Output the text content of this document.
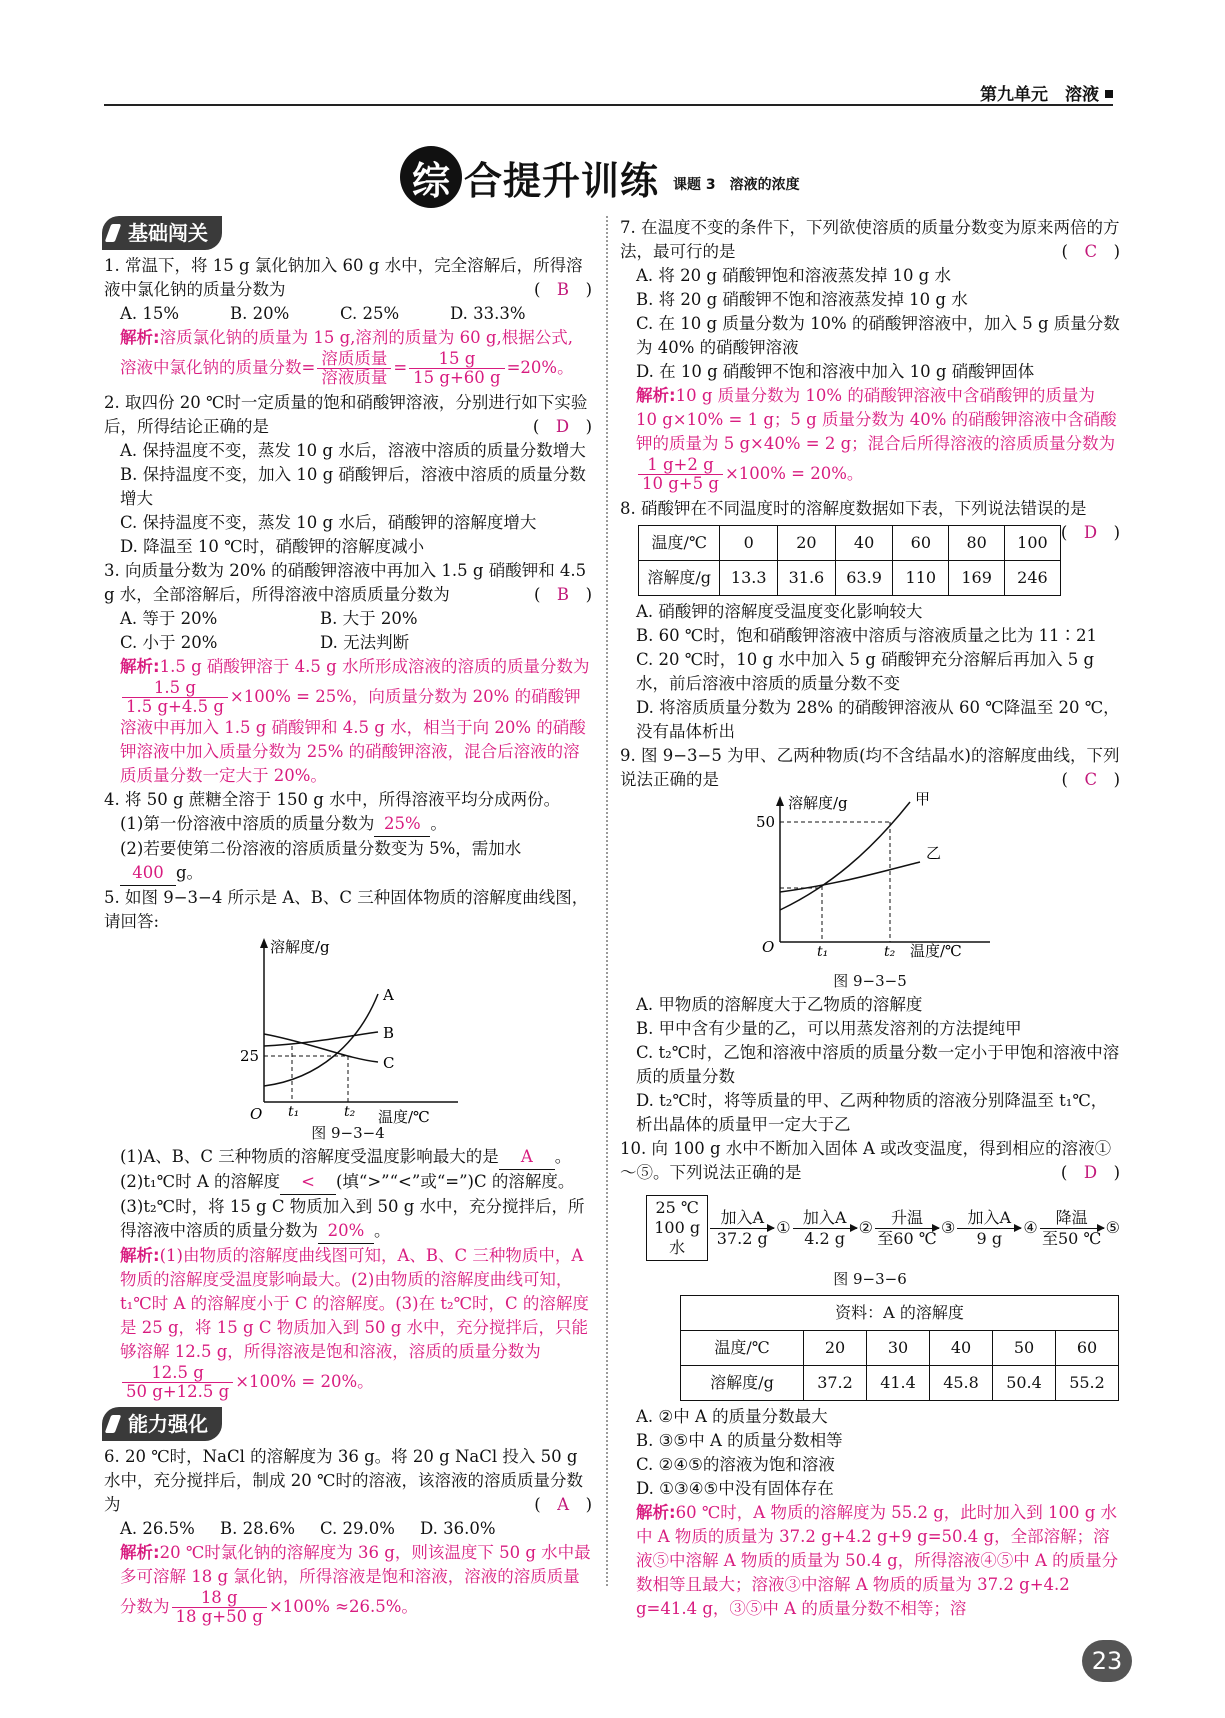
第九单元　溶液
综 合提升训练 课题 3　溶液的浓度
基础闯关
1. 常温下，将 15 g 氯化钠加入 60 g 水中，完全溶解后，所得溶液中氯化钠的质量分数为	(　B　)
A. 15%	B. 20%	C. 25%	D. 33.3%
解析:溶质氯化钠的质量为 15 g,溶剂的质量为 60 g,根据公式,
溶液中氯化钠的质量分数= $\frac{\text{溶质质量}}{\text{溶液质量}} = \frac{15 g}{15 g+60 g} =20\%$。
2. 取四份 20 ℃时一定质量的饱和硝酸钾溶液，分别进行如下实验后，所得结论正确的是	(　D　)
A. 保持温度不变，蒸发 10 g 水后，溶液中溶质的质量分数增大
B. 保持温度不变，加入 10 g 硝酸钾后，溶液中溶质的质量分数增大
C. 保持温度不变，蒸发 10 g 水后，硝酸钾的溶解度增大
D. 降温至 10 ℃时，硝酸钾的溶解度减小
3. 向质量分数为 20% 的硝酸钾溶液中再加入 1.5 g 硝酸钾和 4.5 g 水，全部溶解后，所得溶液中溶质质量分数为	(　B　)
A. 等于 20%	B. 大于 20%
C. 小于 20%	D. 无法判断
解析:1.5 g 硝酸钾溶于 4.5 g 水所形成溶液的溶质的质量分数为
$\frac{1.5 g}{1.5 g+4.5 g} \times 100\% = 25\%$，向质量分数为 20% 的硝酸钾溶液中再加入 1.5 g 硝酸钾和 4.5 g 水，相当于向 20% 的硝酸钾溶液中加入质量分数为 25% 的硝酸钾溶液，混合后溶液的溶质质量分数一定大于 20%。
4. 将 50 g 蔗糖全溶于 150 g 水中，所得溶液平均分成两份。
(1)第一份溶液中溶质的质量分数为 25% 。
(2)若要使第二份溶液的溶质质量分数变为 5%，需加水
400 g。
5. 如图 9−3−4 所示是 A、B、C 三种固体物质的溶解度曲线图，请回答:
溶解度/g
O	温度/℃
25
t₁	t₂
A
B
C
图 9−3−4
(1)A、B、C 三种物质的溶解度受温度影响最大的是 A 。
(2)t₁℃时 A 的溶解度 < (填“>”“<”或“=”)C 的溶解度。
(3)t₂℃时，将 15 g C 物质加入到 50 g 水中，充分搅拌后，所得溶液中溶质的质量分数为 20% 。
解析:(1)由物质的溶解度曲线图可知，A、B、C 三种物质中，A 物质的溶解度受温度影响最大。(2)由物质的溶解度曲线可知，t₁℃时 A 的溶解度小于 C 的溶解度。(3)在 t₂℃时，C 的溶解度是 25 g，将 15 g C 物质加入到 50 g 水中，充分搅拌后，只能够溶解 12.5 g，所得溶液是饱和溶液，溶质的质量分数为
$\frac{12.5 g}{50 g+12.5 g} \times 100\% = 20\%$。
能力强化
6. 20 ℃时，NaCl 的溶解度为 36 g。将 20 g NaCl 投入 50 g 水中，充分搅拌后，制成 20 ℃时的溶液，该溶液的溶质质量分数为	(　A　)
A. 26.5%	B. 28.6%	C. 29.0%	D. 36.0%
解析:20 ℃时氯化钠的溶解度为 36 g，则该温度下 50 g 水中最多可溶解 18 g 氯化钠，所得溶液是饱和溶液，溶液的溶质质量分数为 $\frac{18 g}{18 g+50 g} \times 100\% \approx 26.5\%$。
7. 在温度不变的条件下，下列欲使溶质的质量分数变为原来两倍的方法，最可行的是	(　C　)
A. 将 20 g 硝酸钾饱和溶液蒸发掉 10 g 水
B. 将 20 g 硝酸钾不饱和溶液蒸发掉 10 g 水
C. 在 10 g 质量分数为 10% 的硝酸钾溶液中，加入 5 g 质量分数为 40% 的硝酸钾溶液
D. 在 10 g 硝酸钾不饱和溶液中加入 10 g 硝酸钾固体
解析:10 g 质量分数为 10% 的硝酸钾溶液中含硝酸钾的质量为 10 g×10% = 1 g；5 g 质量分数为 40% 的硝酸钾溶液中含硝酸钾的质量为 5 g×40% = 2 g；混合后所得溶液的溶质质量分数为
$\frac{1 g+2 g}{10 g+5 g} \times 100\% = 20\%$。
8. 硝酸钾在不同温度时的溶解度数据如下表，下列说法错误的是
(　D　)
温度/℃	0	20	40	60	80	100
溶解度/g	13.3	31.6	63.9	110	169	246
A. 硝酸钾的溶解度受温度变化影响较大
B. 60 ℃时，饱和硝酸钾溶液中溶质与溶液质量之比为 11∶21
C. 20 ℃时，10 g 水中加入 5 g 硝酸钾充分溶解后再加入 5 g 水，前后溶液中溶质的质量分数不变
D. 将溶质质量分数为 28% 的硝酸钾溶液从 60 ℃降温至 20 ℃，没有晶体析出
9. 图 9−3−5 为甲、乙两种物质(均不含结晶水)的溶解度曲线，下列说法正确的是	(　C　)
溶解度/g
O	温度/℃
50
t₁	t₂
甲
乙
图 9−3−5
A. 甲物质的溶解度大于乙物质的溶解度
B. 甲中含有少量的乙，可以用蒸发溶剂的方法提纯甲
C. t₂℃时，乙饱和溶液中溶质的质量分数一定小于甲饱和溶液中溶质的质量分数
D. t₂℃时，将等质量的甲、乙两种物质的溶液分别降温至 t₁℃，析出晶体的质量甲一定大于乙
10. 向 100 g 水中不断加入固体 A 或改变温度，得到相应的溶液①～⑤。下列说法正确的是	(　D　)
25 ℃
100 g 水
加入A
37.2 g
①
加入A
4.2 g
②
升温
至60 ℃
③
加入A
9 g
④
降温
至50 ℃
⑤
图 9−3−6
资料：A 的溶解度					
温度/℃	20	30	40	50	60
溶解度/g	37.2	41.4	45.8	50.4	55.2
A. ②中 A 的质量分数最大
B. ③⑤中 A 的质量分数相等
C. ②④⑤的溶液为饱和溶液
D. ①③④⑤中没有固体存在
解析:60 ℃时，A 物质的溶解度为 55.2 g，此时加入到 100 g 水中 A 物质的质量为 37.2 g+4.2 g+9 g=50.4 g，全部溶解；溶液⑤中溶解 A 物质的质量为 50.4 g，所得溶液④⑤中 A 的质量分数相等且最大；溶液③中溶解 A 物质的质量为 37.2 g+4.2 g=41.4 g，③⑤中 A 的质量分数不相等；溶
23
